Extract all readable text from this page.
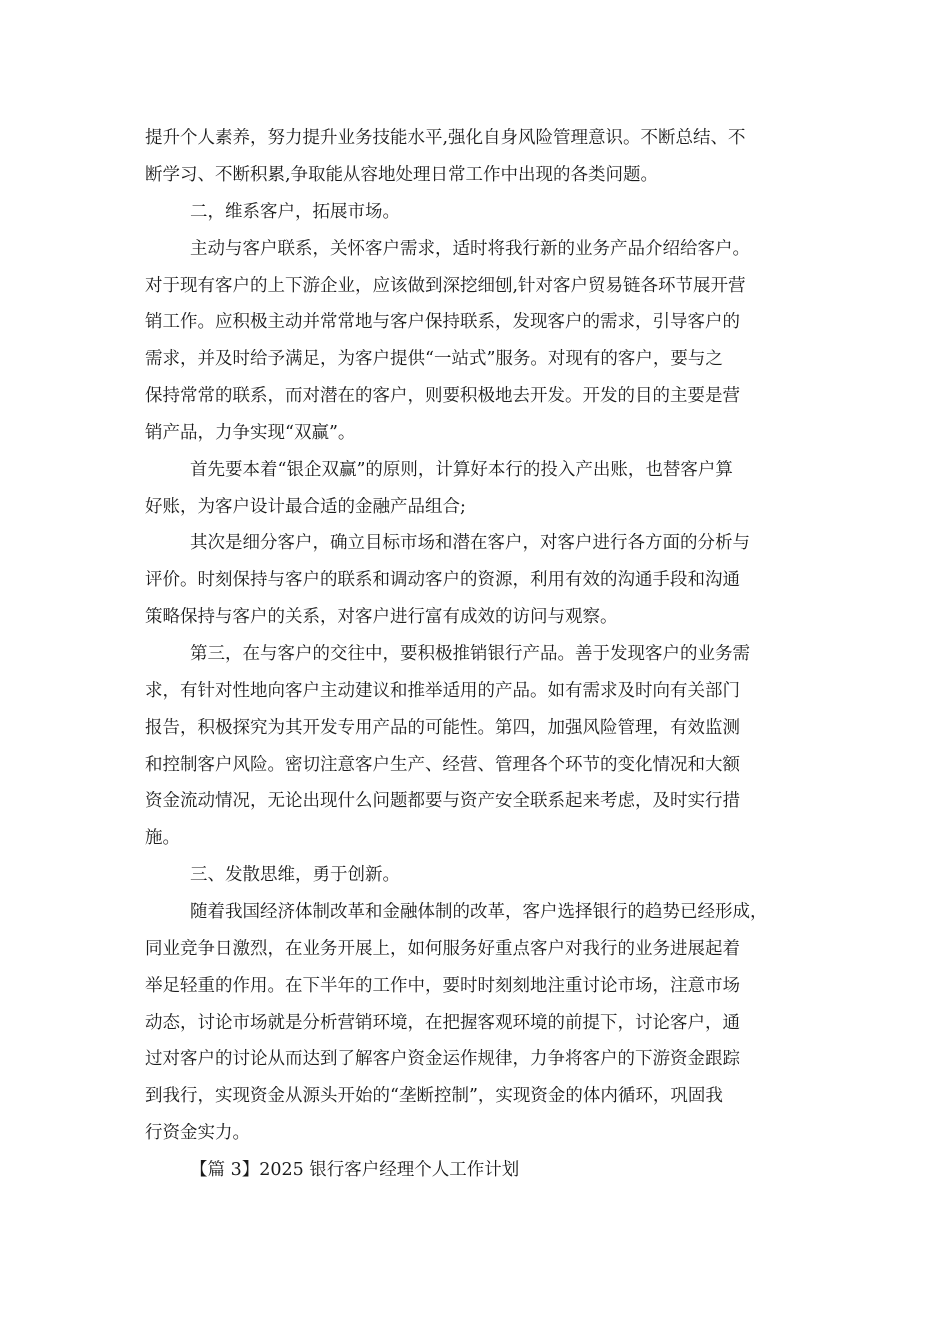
提升个人素养，努力提升业务技能水平,强化自身风险管理意识。不断总结、不
断学习、不断积累,争取能从容地处理日常工作中出现的各类问题。
二，维系客户，拓展市场。
主动与客户联系，关怀客户需求，适时将我行新的业务产品介绍给客户。
对于现有客户的上下游企业，应该做到深挖细刨,针对客户贸易链各环节展开营
销工作。应积极主动并常常地与客户保持联系，发现客户的需求，引导客户的
需求，并及时给予满足，为客户提供“一站式”服务。对现有的客户，要与之
保持常常的联系，而对潜在的客户，则要积极地去开发。开发的目的主要是营
销产品，力争实现“双赢”。
首先要本着“银企双赢”的原则，计算好本行的投入产出账，也替客户算
好账，为客户设计最合适的金融产品组合;
其次是细分客户，确立目标市场和潜在客户，对客户进行各方面的分析与
评价。时刻保持与客户的联系和调动客户的资源，利用有效的沟通手段和沟通
策略保持与客户的关系，对客户进行富有成效的访问与观察。
第三，在与客户的交往中，要积极推销银行产品。善于发现客户的业务需
求，有针对性地向客户主动建议和推举适用的产品。如有需求及时向有关部门
报告，积极探究为其开发专用产品的可能性。第四，加强风险管理，有效监测
和控制客户风险。密切注意客户生产、经营、管理各个环节的变化情况和大额
资金流动情况，无论出现什么问题都要与资产安全联系起来考虑，及时实行措
施。
三、发散思维，勇于创新。
随着我国经济体制改革和金融体制的改革，客户选择银行的趋势已经形成，
同业竞争日激烈，在业务开展上，如何服务好重点客户对我行的业务进展起着
举足轻重的作用。在下半年的工作中，要时时刻刻地注重讨论市场，注意市场
动态，讨论市场就是分析营销环境，在把握客观环境的前提下，讨论客户，通
过对客户的讨论从而达到了解客户资金运作规律，力争将客户的下游资金跟踪
到我行，实现资金从源头开始的“垄断控制”，实现资金的体内循环，巩固我
行资金实力。
【篇 3】2025 银行客户经理个人工作计划
